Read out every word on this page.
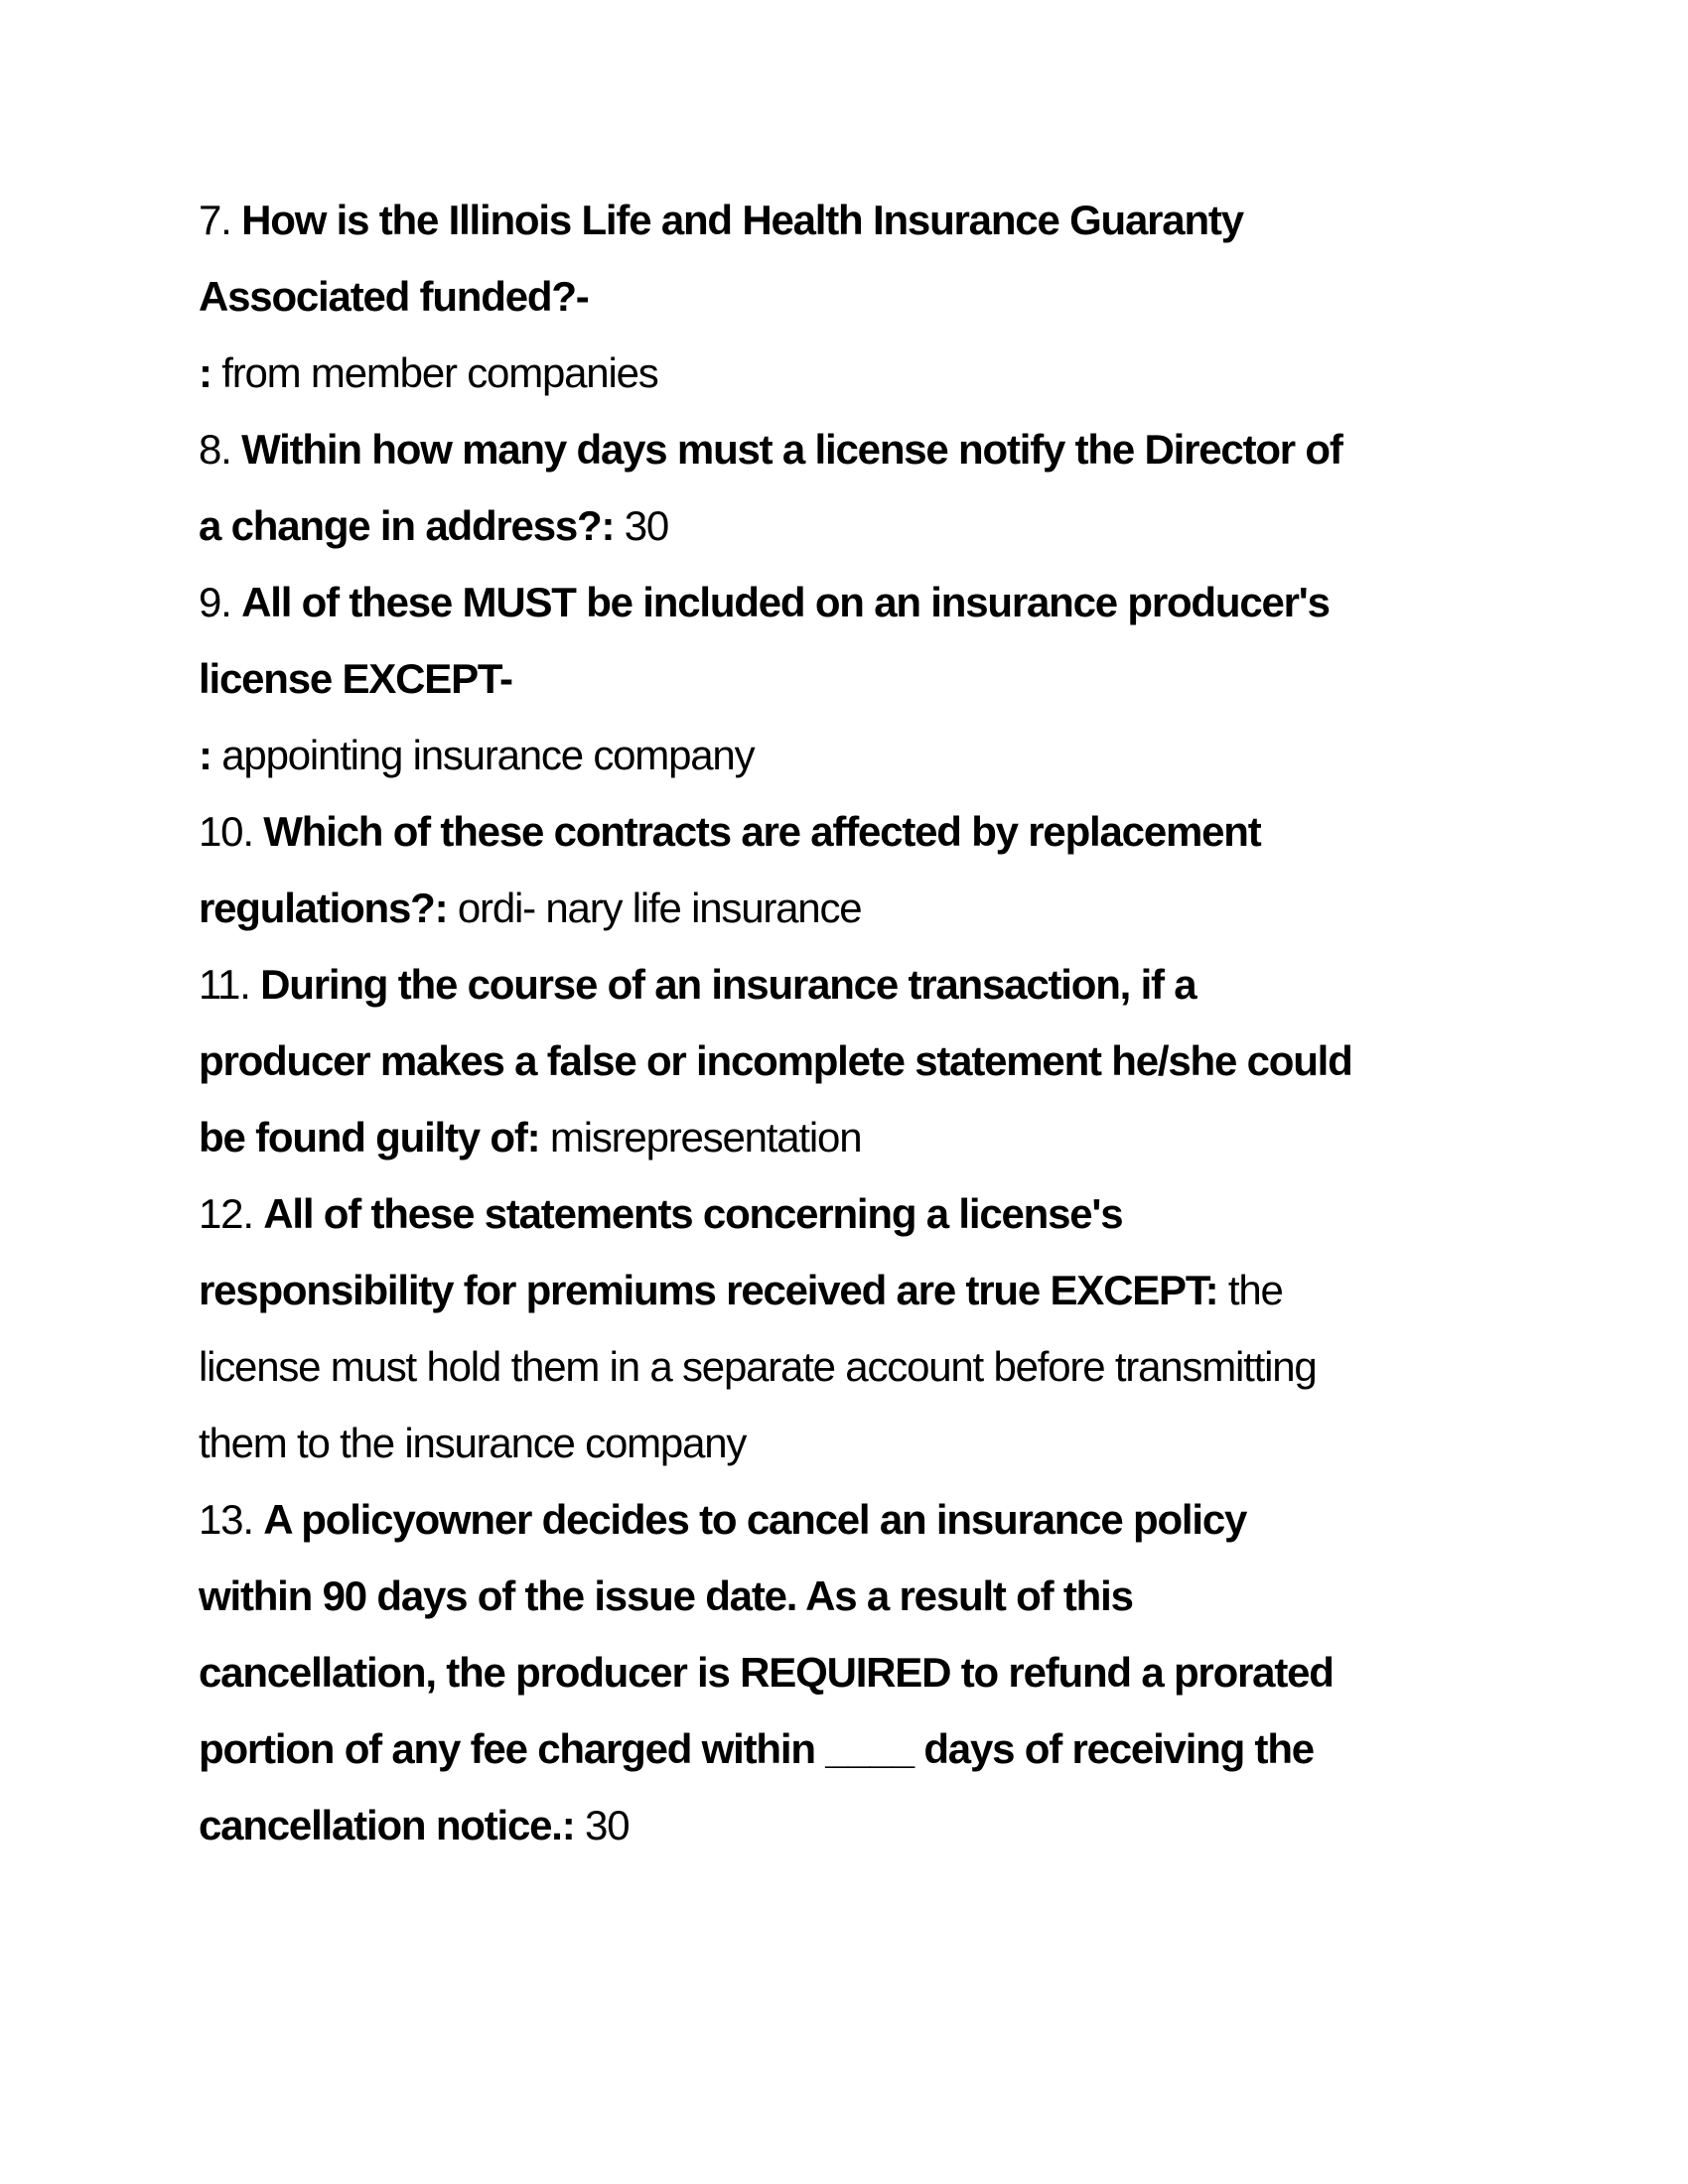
7. How is the Illinois Life and Health Insurance Guaranty
Associated funded?-
: from member companies
8. Within how many days must a license notify the Director of
a change in address?: 30
9. All of these MUST be included on an insurance producer's
license EXCEPT-
: appointing insurance company
10. Which of these contracts are affected by replacement
regulations?: ordi- nary life insurance
11. During the course of an insurance transaction, if a
producer makes a false or incomplete statement he/she could
be found guilty of: misrepresentation
12. All of these statements concerning a license's
responsibility for premiums received are true EXCEPT: the
license must hold them in a separate account before transmitting
them to the insurance company
13. A policyowner decides to cancel an insurance policy
within 90 days of the issue date. As a result of this
cancellation, the producer is REQUIRED to refund a prorated
portion of any fee charged within ____ days of receiving the
cancellation notice.: 30
